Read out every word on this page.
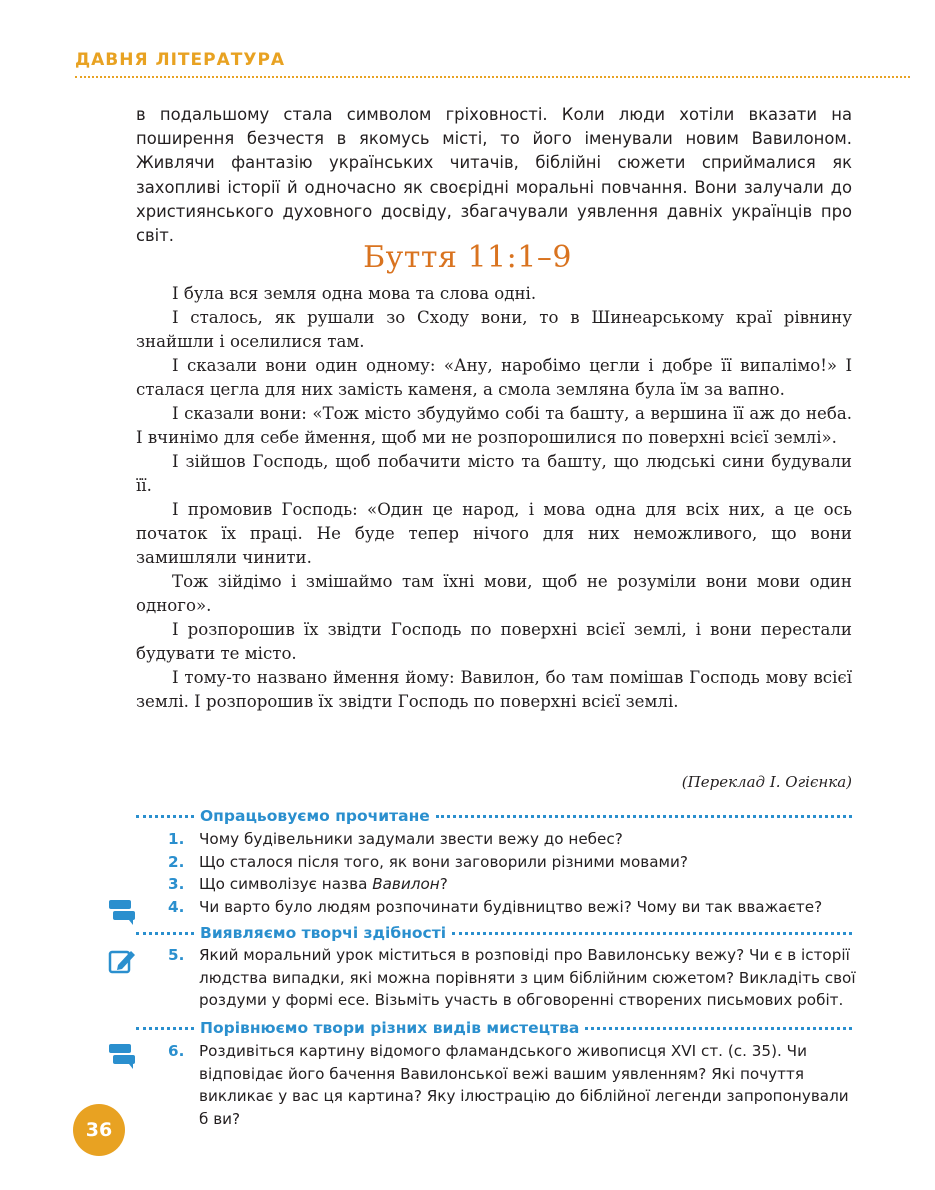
ДАВНЯ ЛІТЕРАТУРА
в подальшому стала символом гріховності. Коли люди хотіли вказати на поширення безчестя в якомусь місті, то його іменували новим Вавилоном. Живлячи фантазію українських читачів, біблійні сюжети сприймалися як захопливі історії й одночасно як своєрідні моральні повчання. Вони залучали до християнського духовного досвіду, збагачували уявлення давніх українців про світ.
Буття 11:1–9

І була вся земля одна мова та слова одні.

І сталось, як рушали зо Сходу вони, то в Шинеарському краї рівнину знайшли і оселилися там.

І сказали вони один одному: «Ану, наробімо цегли і добре її випалімо!» І сталася цегла для них замість каменя, а смола земляна була їм за вапно.

І сказали вони: «Тож місто збудуймо собі та башту, а вершина її аж до неба. І вчинімо для себе ймення, щоб ми не розпорошилися по поверхні всієї землі».

І зійшов Господь, щоб побачити місто та башту, що людські сини будували її.

І промовив Господь: «Один це народ, і мова одна для всіх них, а це ось початок їх праці. Не буде тепер нічого для них неможливого, що вони замишляли чинити.

Тож зійдімо і змішаймо там їхні мови, щоб не розуміли вони мови один одного».

І розпорошив їх звідти Господь по поверхні всієї землі, і вони перестали будувати те місто.

І тому-то названо ймення йому: Вавилон, бо там помішав Господь мову всієї землі. І розпорошив їх звідти Господь по поверхні всієї землі.

(Переклад І. Огієнка)
Опрацьовуємо прочитане
1. Чому будівельники задумали звести вежу до небес?
2. Що сталося після того, як вони заговорили різними мовами?
3. Що символізує назва Вавилон?
4. Чи варто було людям розпочинати будівництво вежі? Чому ви так вважаєте?
Виявляємо творчі здібності
5. Який моральний урок міститься в розповіді про Вавилонську вежу? Чи є в історії людства випадки, які можна порівняти з цим біблійним сюжетом? Викладіть свої роздуми у формі есе. Візьміть участь в обговоренні створених письмових робіт.
Порівнюємо твори різних видів мистецтва
6. Роздивіться картину відомого фламандського живописця XVI ст. (с. 35). Чи відповідає його бачення Вавилонської вежі вашим уявленням? Які почуття викликає у вас ця картина? Яку ілюстрацію до біблійної легенди запропонували б ви?
36
